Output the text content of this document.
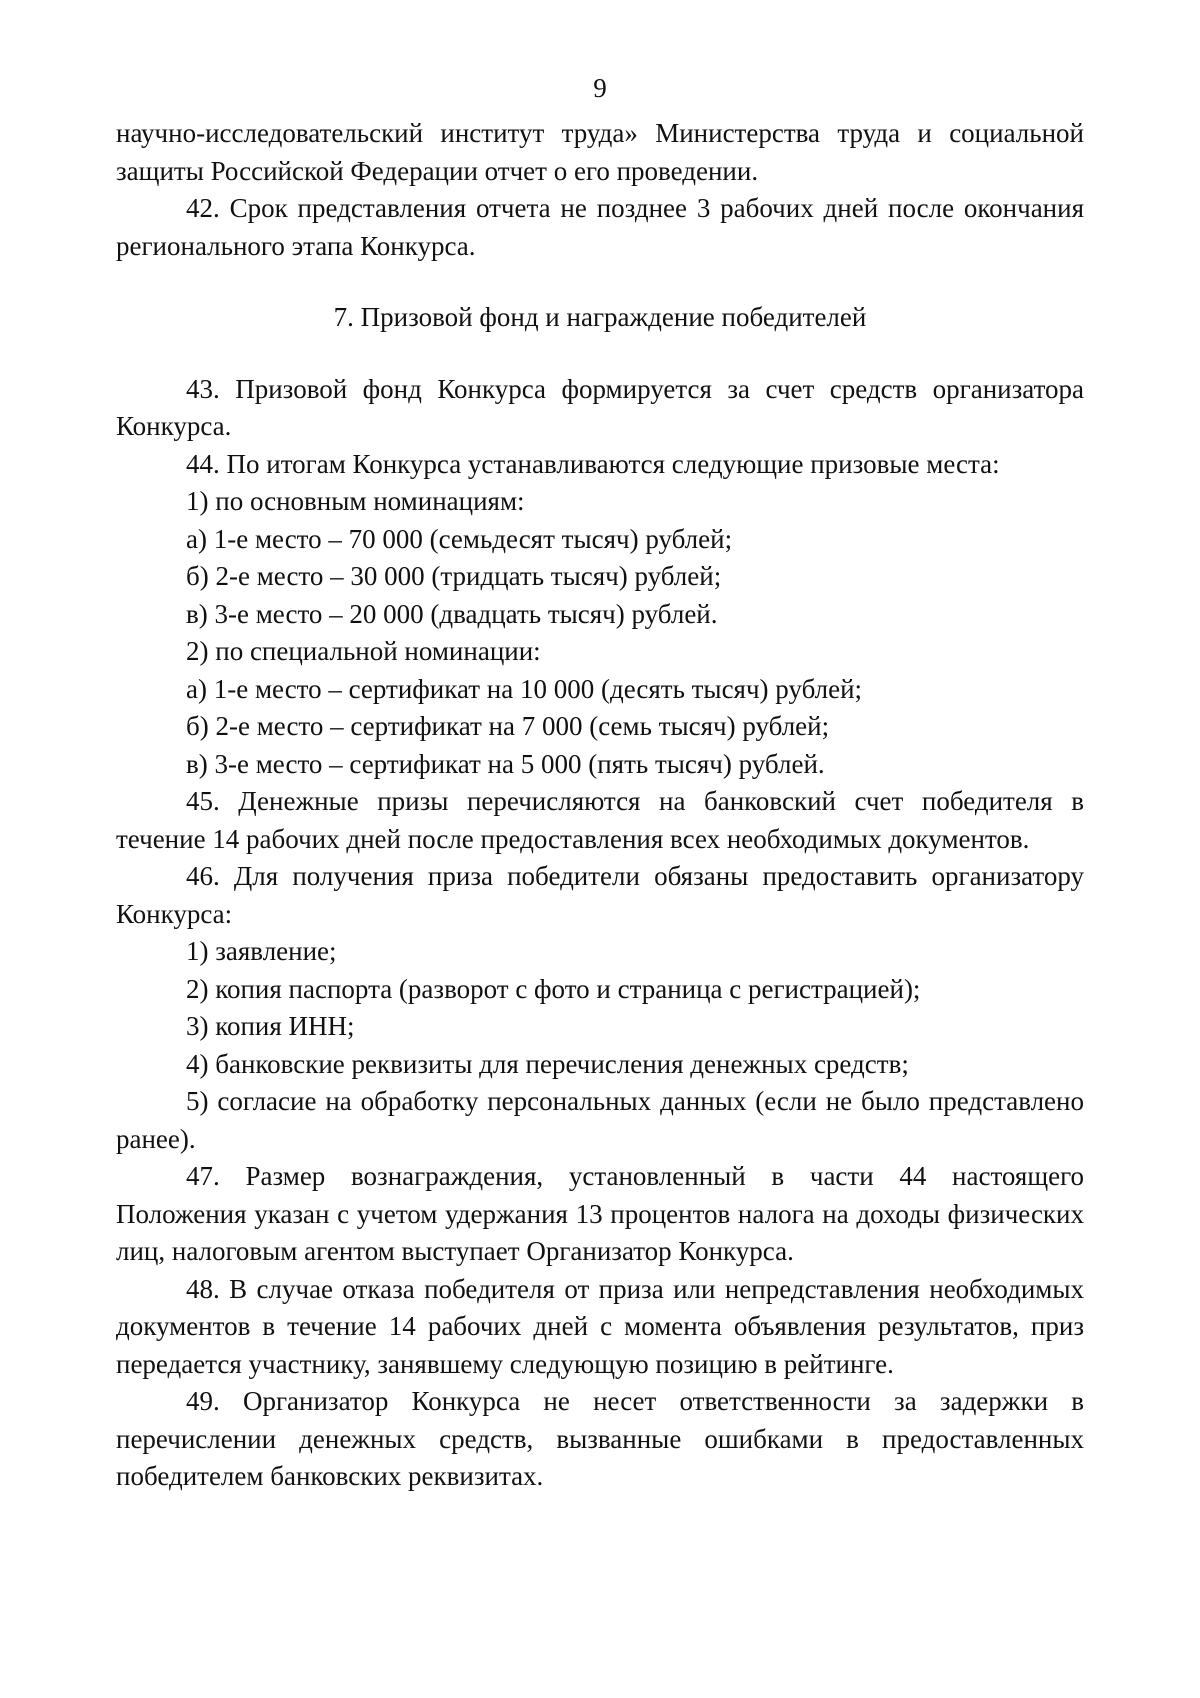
9

научно-исследовательский институт труда» Министерства труда и социальной защиты Российской Федерации отчет о его проведении.

42. Срок представления отчета не позднее 3 рабочих дней после окончания регионального этапа Конкурса.

7. Призовой фонд и награждение победителей

43. Призовой фонд Конкурса формируется за счет средств организатора Конкурса.

44. По итогам Конкурса устанавливаются следующие призовые места:

1) по основным номинациям:

а) 1-е место – 70 000 (семьдесят тысяч) рублей;

б) 2-е место – 30 000 (тридцать тысяч) рублей;

в) 3-е место – 20 000 (двадцать тысяч) рублей.

2) по специальной номинации:

а) 1-е место – сертификат на 10 000 (десять тысяч) рублей;

б) 2-е место – сертификат на 7 000 (семь тысяч) рублей;

в) 3-е место – сертификат на 5 000 (пять тысяч) рублей.

45. Денежные призы перечисляются на банковский счет победителя в течение 14 рабочих дней после предоставления всех необходимых документов.

46. Для получения приза победители обязаны предоставить организатору Конкурса:

1) заявление;

2) копия паспорта (разворот с фото и страница с регистрацией);

3) копия ИНН;

4) банковские реквизиты для перечисления денежных средств;

5) согласие на обработку персональных данных (если не было представлено ранее).

47. Размер вознаграждения, установленный в части 44 настоящего Положения указан с учетом удержания 13 процентов налога на доходы физических лиц, налоговым агентом выступает Организатор Конкурса.

48. В случае отказа победителя от приза или непредставления необходимых документов в течение 14 рабочих дней с момента объявления результатов, приз передается участнику, занявшему следующую позицию в рейтинге.

49. Организатор Конкурса не несет ответственности за задержки в перечислении денежных средств, вызванные ошибками в предоставленных победителем банковских реквизитах.
